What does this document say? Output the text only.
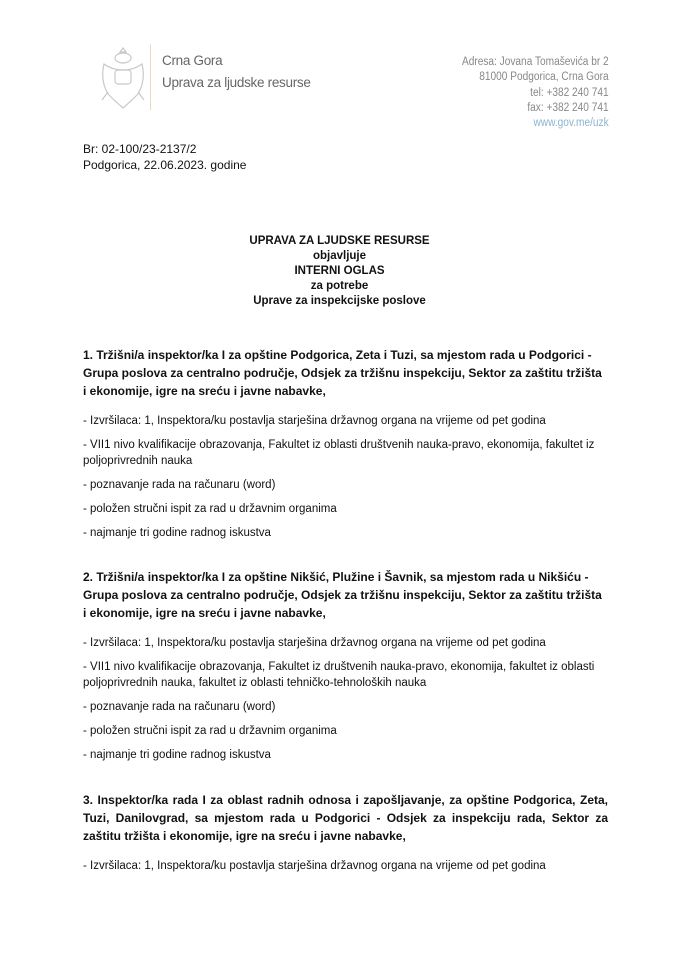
Crna Gora
Uprava za ljudske resurse
Adresa: Jovana Tomaševića br 2
81000 Podgorica, Crna Gora
tel: +382 240 741
fax: +382 240 741
www.gov.me/uzk
Br: 02-100/23-2137/2
Podgorica, 22.06.2023. godine
UPRAVA ZA LJUDSKE RESURSE
objavljuje
INTERNI OGLAS
za potrebe
Uprave za inspekcijske poslove
1. Tržišni/a inspektor/ka I za opštine Podgorica, Zeta i Tuzi, sa mjestom rada u Podgorici - Grupa poslova za centralno područje, Odsjek za tržišnu inspekciju, Sektor za zaštitu tržišta i ekonomije, igre na sreću i javne nabavke,

- Izvršilaca: 1, Inspektora/ku postavlja starješina državnog organa na vrijeme od pet godina

- VII1 nivo kvalifikacije obrazovanja, Fakultet iz oblasti društvenih nauka-pravo, ekonomija, fakultet iz poljoprivrednih nauka

- poznavanje rada na računaru (word)

- položen stručni ispit za rad u državnim organima

- najmanje tri godine radnog iskustva

2. Tržišni/a inspektor/ka I za opštine Nikšić, Plužine i Šavnik, sa mjestom rada u Nikšiću - Grupa poslova za centralno područje, Odsjek za tržišnu inspekciju, Sektor za zaštitu tržišta i ekonomije, igre na sreću i javne nabavke,

- Izvršilaca: 1, Inspektora/ku postavlja starješina državnog organa na vrijeme od pet godina

- VII1 nivo kvalifikacije obrazovanja, Fakultet iz društvenih nauka-pravo, ekonomija, fakultet iz oblasti poljoprivrednih nauka, fakultet iz oblasti tehničko-tehnoloških nauka

- poznavanje rada na računaru (word)

- položen stručni ispit za rad u državnim organima

- najmanje tri godine radnog iskustva

3. Inspektor/ka rada I za oblast radnih odnosa i zapošljavanje, za opštine Podgorica, Zeta, Tuzi, Danilovgrad, sa mjestom rada u Podgorici - Odsjek za inspekciju rada, Sektor za zaštitu tržišta i ekonomije, igre na sreću i javne nabavke,

- Izvršilaca: 1, Inspektora/ku postavlja starješina državnog organa na vrijeme od pet godina
